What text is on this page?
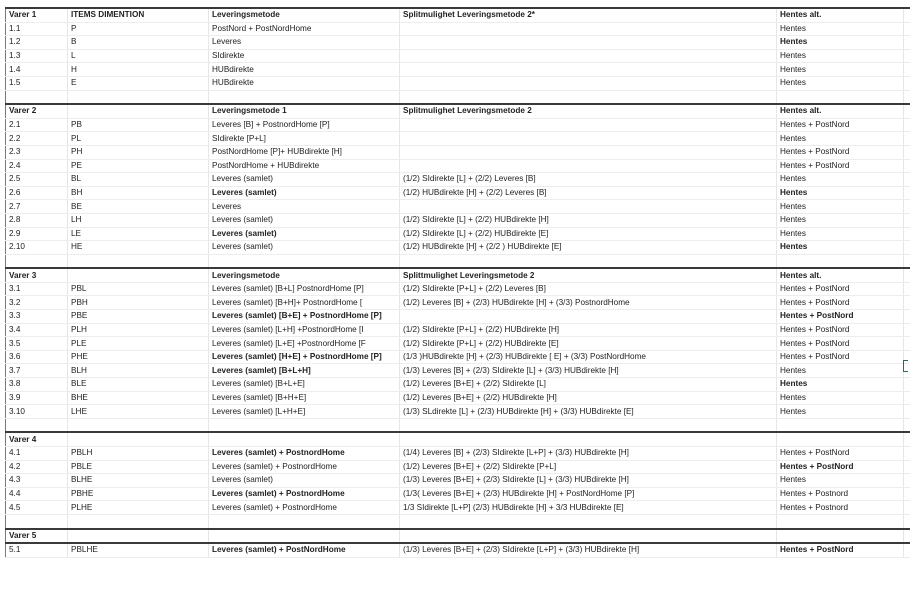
Varer 1	ITEMS DIMENTION	Leveringsmetode	Splitmulighet Leveringsmetode 2*	Hentes alt.	
1.1	P	PostNord + PostNordHome		Hentes	
1.2	B	Leveres		Hentes	
1.3	L	SIdirekte		Hentes	
1.4	H	HUBdirekte		Hentes	
1.5	E	HUBdirekte		Hentes	

Varer 2		Leveringsmetode 1	Splitmulighet Leveringsmetode 2	Hentes alt.	
2.1	PB	Leveres [B] + PostnordHome [P]		Hentes + PostNord	
2.2	PL	SIdirekte [P+L]		Hentes	
2.3	PH	PostNordHome [P]+ HUBdirekte [H]		Hentes + PostNord	
2.4	PE	PostNordHome + HUBdirekte		Hentes + PostNord	
2.5	BL	Leveres (samlet)	(1/2) SIdirekte [L] + (2/2) Leveres [B]	Hentes	
2.6	BH	Leveres (samlet)	(1/2) HUBdirekte [H] + (2/2) Leveres [B]	Hentes	
2.7	BE	Leveres		Hentes	
2.8	LH	Leveres (samlet)	(1/2) SIdirekte [L] + (2/2) HUBdirekte [H]	Hentes	
2.9	LE	Leveres (samlet)	(1/2) SIdirekte [L] + (2/2) HUBdirekte [E]	Hentes	
2.10	HE	Leveres (samlet)	(1/2) HUBdirekte [H] + (2/2 ) HUBdirekte [E]	Hentes	

Varer 3		Leveringsmetode	Splittmulighet Leveringsmetode 2	Hentes alt.	
3.1	PBL	Leveres (samlet) [B+L] PostnordHome [P]	(1/2) SIdirekte [P+L] + (2/2) Leveres [B]	Hentes + PostNord	
3.2	PBH	Leveres (samlet) [B+H]+ PostnordHome [	(1/2) Leveres [B] + (2/3) HUBdirekte [H] + (3/3) PostnordHome	Hentes + PostNord	
3.3	PBE	Leveres (samlet) [B+E] + PostnordHome [P]		Hentes + PostNord	
3.4	PLH	Leveres (samlet) [L+H] +PostnordHome [I	(1/2) SIdirekte [P+L] + (2/2) HUBdirekte [H]	Hentes + PostNord	
3.5	PLE	Leveres (samlet) [L+E] +PostnordHome [F	(1/2) SIdirekte [P+L] + (2/2) HUBdirekte [E]	Hentes + PostNord	
3.6	PHE	Leveres (samlet) [H+E] + PostnordHome [P]	(1/3 )HUBdirekte [H] + (2/3) HUBdirekte [ E] + (3/3) PostNordHome	Hentes + PostNord	
3.7	BLH	Leveres (samlet) [B+L+H]	(1/3) Leveres [B] + (2/3) SIdirekte [L] + (3/3) HUBdirekte [H]	Hentes	
3.8	BLE	Leveres (samlet) [B+L+E]	(1/2) Leveres [B+E] + (2/2) SIdirekte [L]	Hentes	
3.9	BHE	Leveres (samlet) [B+H+E]	(1/2) Leveres [B+E] + (2/2) HUBdirekte [H]	Hentes	
3.10	LHE	Leveres (samlet) [L+H+E]	(1/3) SLdirekte [L] + (2/3) HUBdirekte [H] + (3/3) HUBdirekte [E]	Hentes	

Varer 4					
4.1	PBLH	Leveres (samlet) + PostnordHome	(1/4) Leveres [B] + (2/3) SIdirekte [L+P] + (3/3) HUBdirekte [H]	Hentes + PostNord	
4.2	PBLE	Leveres (samlet) + PostnordHome	(1/2) Leveres [B+E] + (2/2) SIdirekte [P+L]	Hentes + PostNord	
4.3	BLHE	Leveres (samlet)	(1/3) Leveres [B+E] + (2/3) SIdirekte [L] + (3/3) HUBdirekte [H]	Hentes	
4.4	PBHE	Leveres (samlet) + PostnordHome	(1/3( Leveres [B+E] + (2/3) HUBdirekte [H] + PostNordHome [P]	Hentes + Postnord	
4.5	PLHE	Leveres (samlet) + PostnordHome	1/3 SIdirekte [L+P] (2/3) HUBdirekte [H] + 3/3 HUBdirekte [E]	Hentes + Postnord	

Varer 5					
5.1	PBLHE	Leveres (samlet) + PostNordHome	(1/3) Leveres [B+E] + (2/3) SIdirekte [L+P] + (3/3) HUBdirekte [H]	Hentes + PostNord	
